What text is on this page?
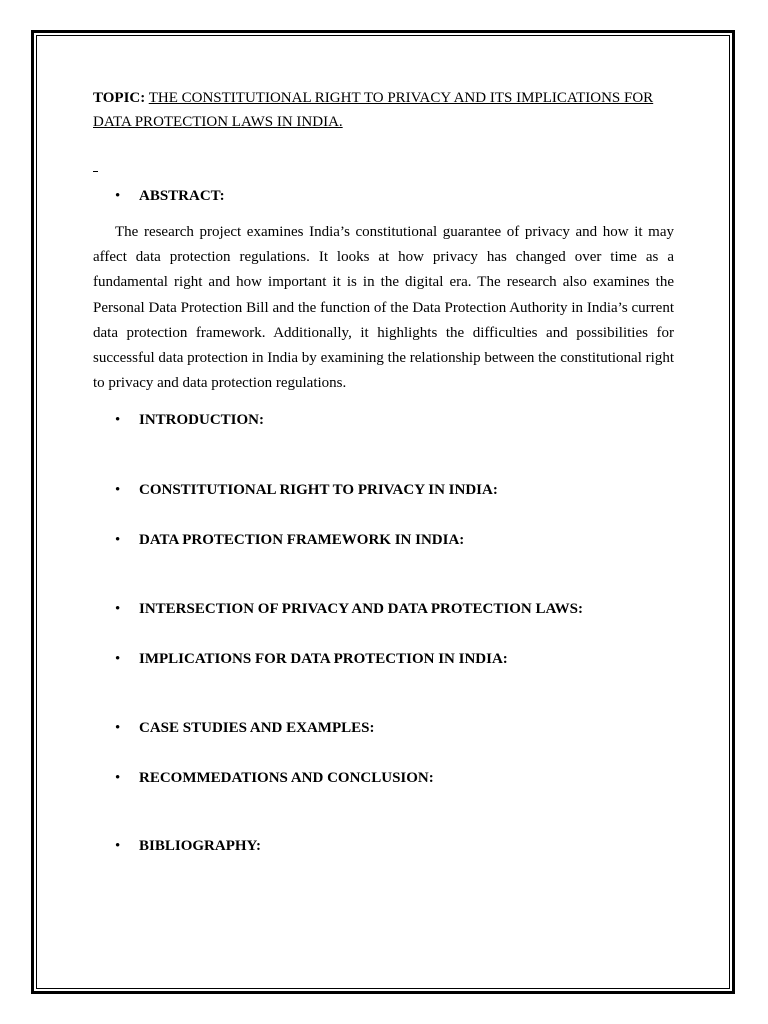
TOPIC: THE CONSTITUTIONAL RIGHT TO PRIVACY AND ITS IMPLICATIONS FOR DATA PROTECTION LAWS IN INDIA.

• ABSTRACT:

The research project examines India’s constitutional guarantee of privacy and how it may affect data protection regulations. It looks at how privacy has changed over time as a fundamental right and how important it is in the digital era. The research also examines the Personal Data Protection Bill and the function of the Data Protection Authority in India’s current data protection framework. Additionally, it highlights the difficulties and possibilities for successful data protection in India by examining the relationship between the constitutional right to privacy and data protection regulations.

• INTRODUCTION:
• CONSTITUTIONAL RIGHT TO PRIVACY IN INDIA:
• DATA PROTECTION FRAMEWORK IN INDIA:
• INTERSECTION OF PRIVACY AND DATA PROTECTION LAWS:
• IMPLICATIONS FOR DATA PROTECTION IN INDIA:
• CASE STUDIES AND EXAMPLES:
• RECOMMEDATIONS AND CONCLUSION:
• BIBLIOGRAPHY:
